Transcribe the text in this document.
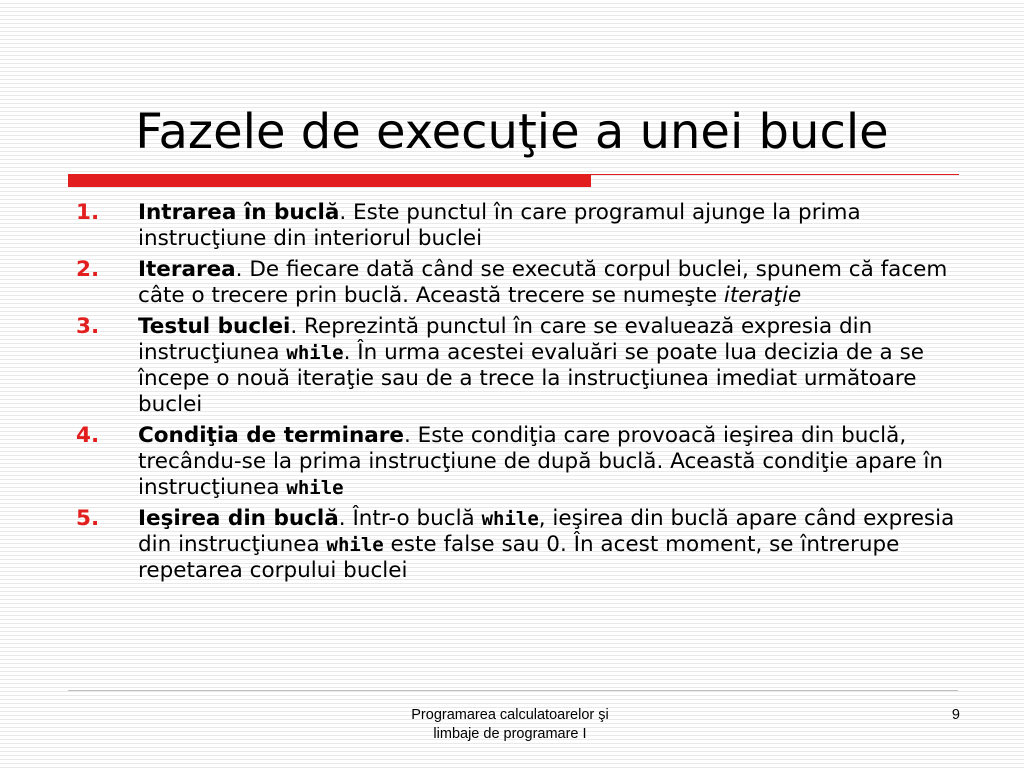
Fazele de execuţie a unei bucle
1. Intrarea în buclă. Este punctul în care programul ajunge la prima instrucţiune din interiorul buclei
2. Iterarea. De fiecare dată când se execută corpul buclei, spunem că facem câte o trecere prin buclă. Această trecere se numeşte iteraţie
3. Testul buclei. Reprezintă punctul în care se evaluează expresia din instrucţiunea while. În urma acestei evaluări se poate lua decizia de a se începe o nouă iteraţie sau de a trece la instrucţiunea imediat următoare buclei
4. Condiţia de terminare. Este condiţia care provoacă ieşirea din buclă, trecându-se la prima instrucţiune de după buclă. Această condiţie apare în instrucţiunea while
5. Ieşirea din buclă. Într-o buclă while, ieşirea din buclă apare când expresia din instrucţiunea while este false sau 0. În acest moment, se întrerupe repetarea corpului buclei
Programarea calculatoarelor şi
limbaje de programare I
9
